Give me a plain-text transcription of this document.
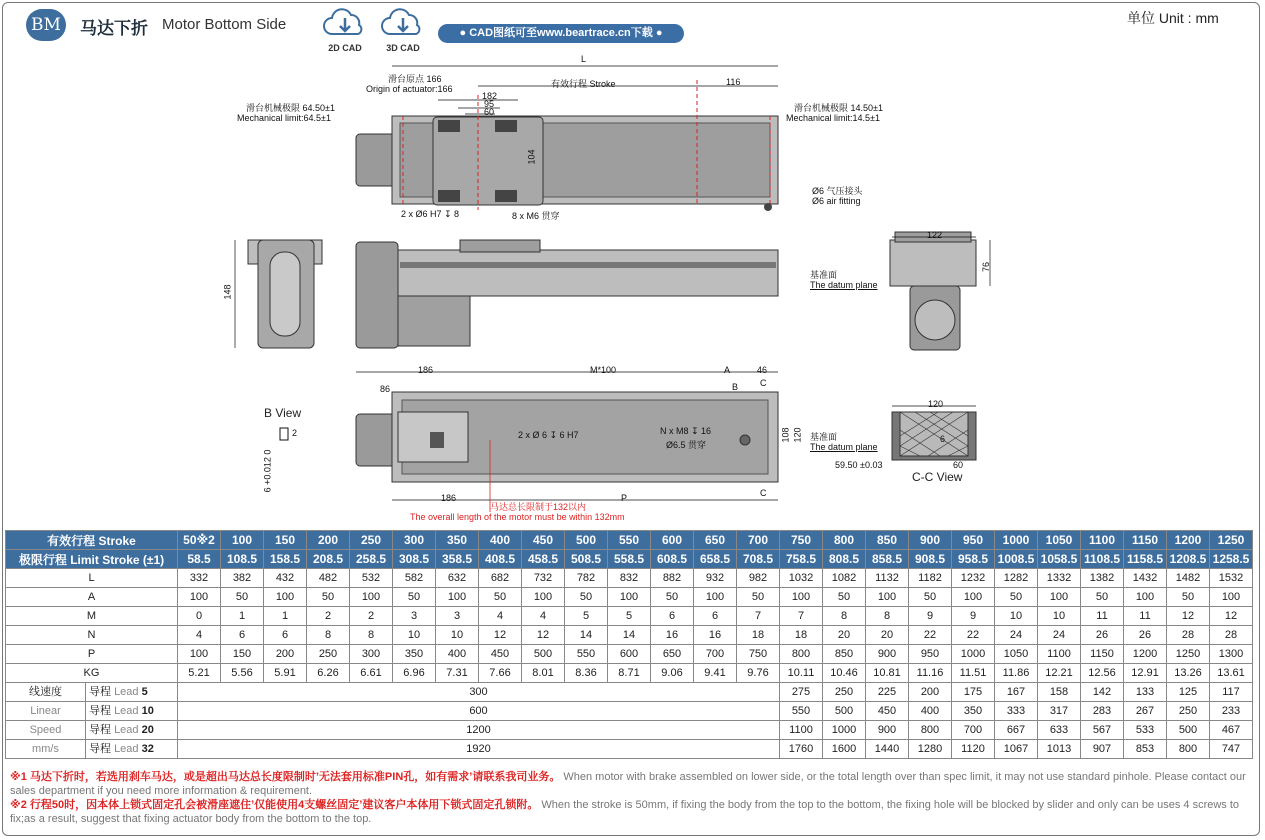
BM 马达下折 Motor Bottom Side	单位 Unit : mm
2D CAD	3D CAD
● CAD图纸可至www.beartrace.cn下载 ●
L
滑台原点 166
Origin of actuator:166	有效行程 Stroke	116
182
95
60
104
滑台机械极限 64.50±1
Mechanical limit:64.5±1
滑台机械极限 14.50±1
Mechanical limit:14.5±1
Ø6 气压接头
Ø6 air fitting
2 x Ø6 H7 ↧ 8	8 x M6 贯穿
148
122
76
基准面
The datum plane
186	M*100	A	46
86	B C
2 x Ø 6 ↧ 6 H7	N x M8 ↧ 16
Ø6.5 贯穿
108 120
186	P	C
B View
2
6 +0.012 0
120
6
基准面
The datum plane
59.50 ±0.03	60
C-C View
马达总长限制于132以内
The overall length of the motor must be within 132mm
有效行程 Stroke	50※2	100	150	200	250	300	350	400	450	500	550	600	650	700	750	800	850	900	950	1000	1050	1100	1150	1200	1250
极限行程 Limit Stroke (±1)	58.5	108.5	158.5	208.5	258.5	308.5	358.5	408.5	458.5	508.5	558.5	608.5	658.5	708.5	758.5	808.5	858.5	908.5	958.5	1008.5	1058.5	1108.5	1158.5	1208.5	1258.5
L	332	382	432	482	532	582	632	682	732	782	832	882	932	982	1032	1082	1132	1182	1232	1282	1332	1382	1432	1482	1532
A	100	50	100	50	100	50	100	50	100	50	100	50	100	50	100	50	100	50	100	50	100	50	100	50	100
M	0	1	1	2	2	3	3	4	4	5	5	6	6	7	7	8	8	9	9	10	10	11	11	12	12
N	4	6	6	8	8	10	10	12	12	14	14	16	16	18	18	20	20	22	22	24	24	26	26	28	28
P	100	150	200	250	300	350	400	450	500	550	600	650	700	750	800	850	900	950	1000	1050	1100	1150	1200	1250	1300
KG	5.21	5.56	5.91	6.26	6.61	6.96	7.31	7.66	8.01	8.36	8.71	9.06	9.41	9.76	10.11	10.46	10.81	11.16	11.51	11.86	12.21	12.56	12.91	13.26	13.61

线速度 导程 Lead 5	300														275	250	225	200	175	167	158	142	133	125	117

Linear 导程 Lead 10	600														550	500	450	400	350	333	317	283	267	250	233

Speed 导程 Lead 20	1200														1100	1000	900	800	700	667	633	567	533	500	467

mm/s 导程 Lead 32	1920														1760	1600	1440	1280	1120	1067	1013	907	853	800	747
※1 马达下折时，若选用刹车马达，或是超出马达总长度限制时’无法套用标准PIN孔，如有需求’请联系我司业务。 When motor with brake assembled on lower side, or the total length over than spec limit, it may not use standard pinhole. Please contact our sales department if you need more information & requirement.
※2 行程50时，因本体上锁式固定孔会被滑座遮住’仅能使用4支螺丝固定’建议客户本体用下锁式固定孔锁附。 When the stroke is 50mm, if fixing the body from the top to the bottom, the fixing hole will be blocked by slider and only can be uses 4 screws to fix;as a result, suggest that fixing actuator body from the bottom to the top.
